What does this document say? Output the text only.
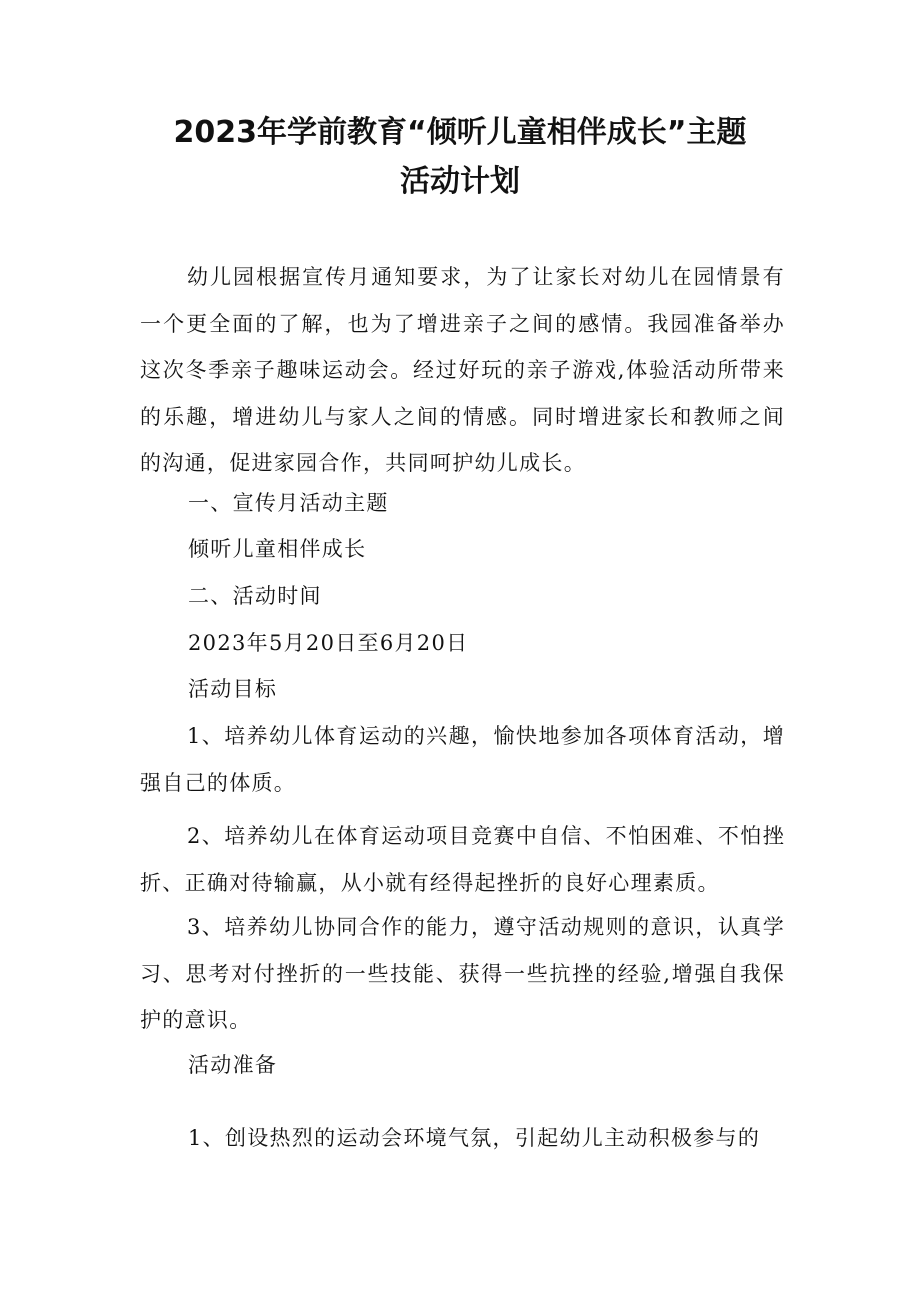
2023年学前教育“倾听儿童相伴成长”主题
活动计划

幼儿园根据宣传月通知要求，为了让家长对幼儿在园情景有一个更全面的了解，也为了增进亲子之间的感情。我园准备举办这次冬季亲子趣味运动会。经过好玩的亲子游戏,体验活动所带来的乐趣，增进幼儿与家人之间的情感。同时增进家长和教师之间的沟通，促进家园合作，共同呵护幼儿成长。

一、宣传月活动主题

倾听儿童相伴成长

二、活动时间

2023年5月20日至6月20日

活动目标

1、培养幼儿体育运动的兴趣，愉快地参加各项体育活动，增强自己的体质。

2、培养幼儿在体育运动项目竞赛中自信、不怕困难、不怕挫折、正确对待输赢，从小就有经得起挫折的良好心理素质。

3、培养幼儿协同合作的能力，遵守活动规则的意识，认真学习、思考对付挫折的一些技能、获得一些抗挫的经验,增强自我保护的意识。

活动准备

1、创设热烈的运动会环境气氛，引起幼儿主动积极参与的
